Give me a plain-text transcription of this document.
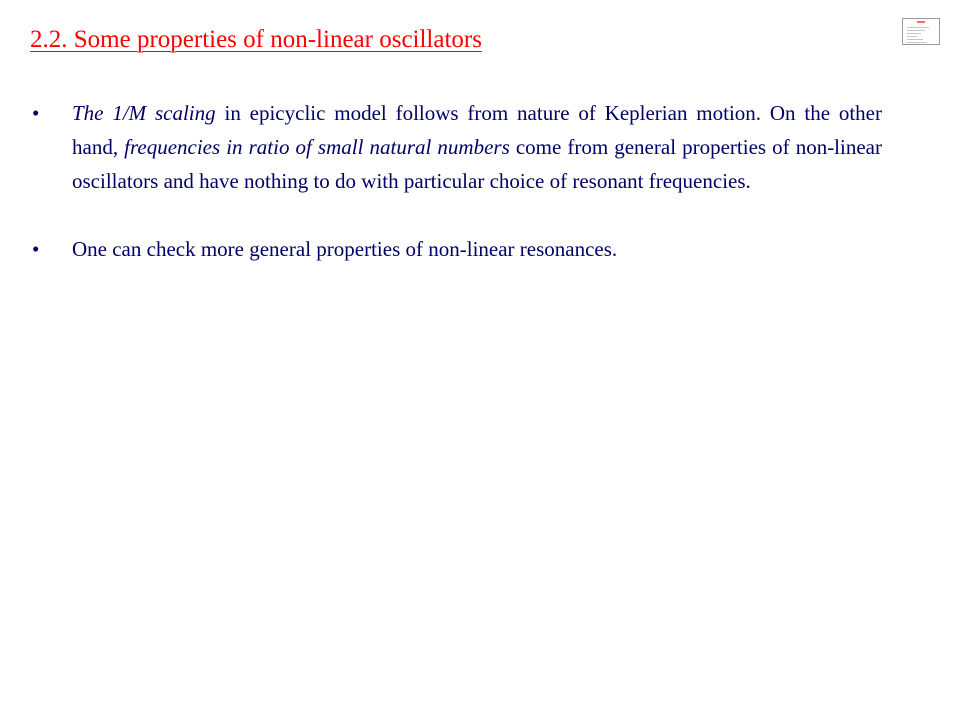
2.2. Some properties of non-linear oscillators
• The 1/M scaling in epicyclic model follows from nature of Keplerian motion. On the other hand, frequencies in ratio of small natural numbers come from general properties of non-linear oscillators and have nothing to do with particular choice of resonant frequencies.
• One can check more general properties of non-linear resonances.
